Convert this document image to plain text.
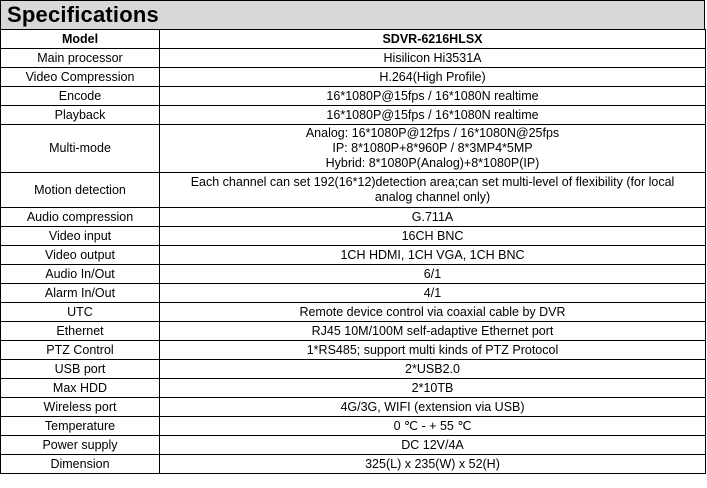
Specifications
Model	SDVR-6216HLSX
Main processor	Hisilicon Hi3531A
Video Compression	H.264(High Profile)
Encode	16*1080P@15fps / 16*1080N realtime
Playback	16*1080P@15fps / 16*1080N realtime
Multi-mode	Analog: 16*1080P@12fps / 16*1080N@25fps
IP: 8*1080P+8*960P / 8*3MP4*5MP
Hybrid: 8*1080P(Analog)+8*1080P(IP)

Motion detection	Each channel can set 192(16*12)detection area;can set multi-level of flexibility (for local
analog channel only)

Audio compression	G.711A
Video input	16CH BNC
Video output	1CH HDMI, 1CH VGA, 1CH BNC
Audio In/Out	6/1
Alarm In/Out	4/1
UTC	Remote device control via coaxial cable by DVR
Ethernet	RJ45 10M/100M self-adaptive Ethernet port
PTZ Control	1*RS485; support multi kinds of PTZ Protocol
USB port	2*USB2.0
Max HDD	2*10TB
Wireless port	4G/3G, WIFI (extension via USB)
Temperature	0 ℃ - + 55 ℃
Power supply	DC 12V/4A
Dimension	325(L) x 235(W) x 52(H)
